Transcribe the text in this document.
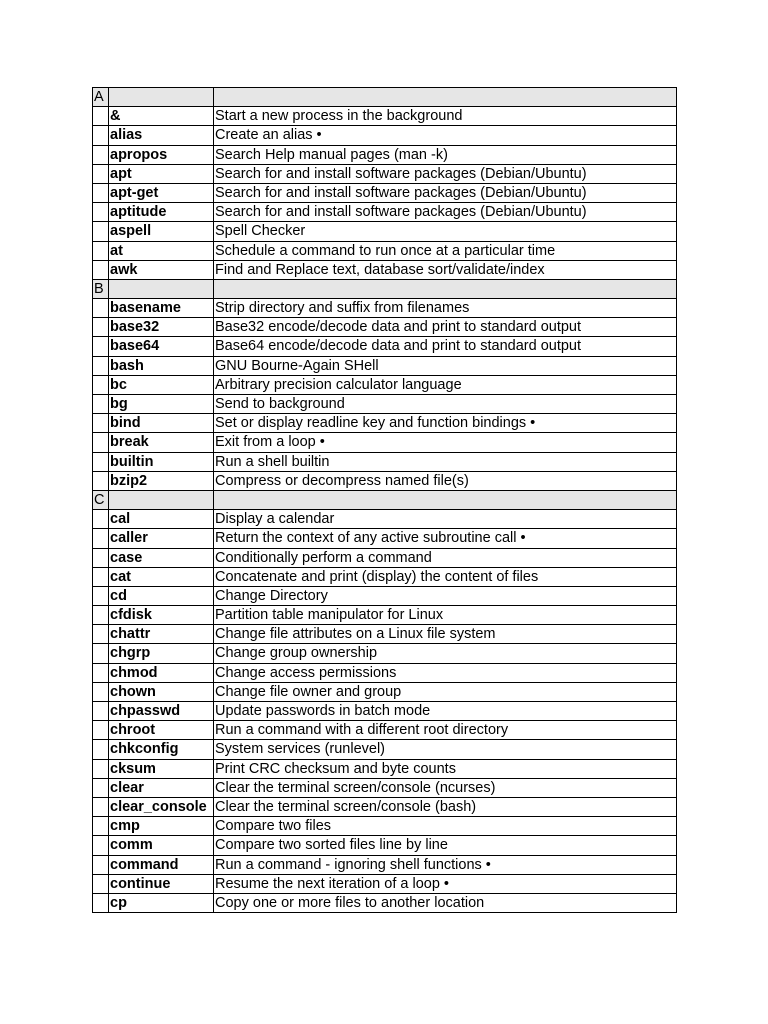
A		
	&	Start a new process in the background
	alias	Create an alias •
	apropos	Search Help manual pages (man -k)
	apt	Search for and install software packages (Debian/Ubuntu)
	apt-get	Search for and install software packages (Debian/Ubuntu)
	aptitude	Search for and install software packages (Debian/Ubuntu)
	aspell	Spell Checker
	at	Schedule a command to run once at a particular time
	awk	Find and Replace text, database sort/validate/index
B		
	basename	Strip directory and suffix from filenames
	base32	Base32 encode/decode data and print to standard output
	base64	Base64 encode/decode data and print to standard output
	bash	GNU Bourne-Again SHell
	bc	Arbitrary precision calculator language
	bg	Send to background
	bind	Set or display readline key and function bindings •
	break	Exit from a loop •
	builtin	Run a shell builtin
	bzip2	Compress or decompress named file(s)
C		
	cal	Display a calendar
	caller	Return the context of any active subroutine call •
	case	Conditionally perform a command
	cat	Concatenate and print (display) the content of files
	cd	Change Directory
	cfdisk	Partition table manipulator for Linux
	chattr	Change file attributes on a Linux file system
	chgrp	Change group ownership
	chmod	Change access permissions
	chown	Change file owner and group
	chpasswd	Update passwords in batch mode
	chroot	Run a command with a different root directory
	chkconfig	System services (runlevel)
	cksum	Print CRC checksum and byte counts
	clear	Clear the terminal screen/console (ncurses)
	clear_console	Clear the terminal screen/console (bash)
	cmp	Compare two files
	comm	Compare two sorted files line by line
	command	Run a command - ignoring shell functions •
	continue	Resume the next iteration of a loop •
	cp	Copy one or more files to another location
